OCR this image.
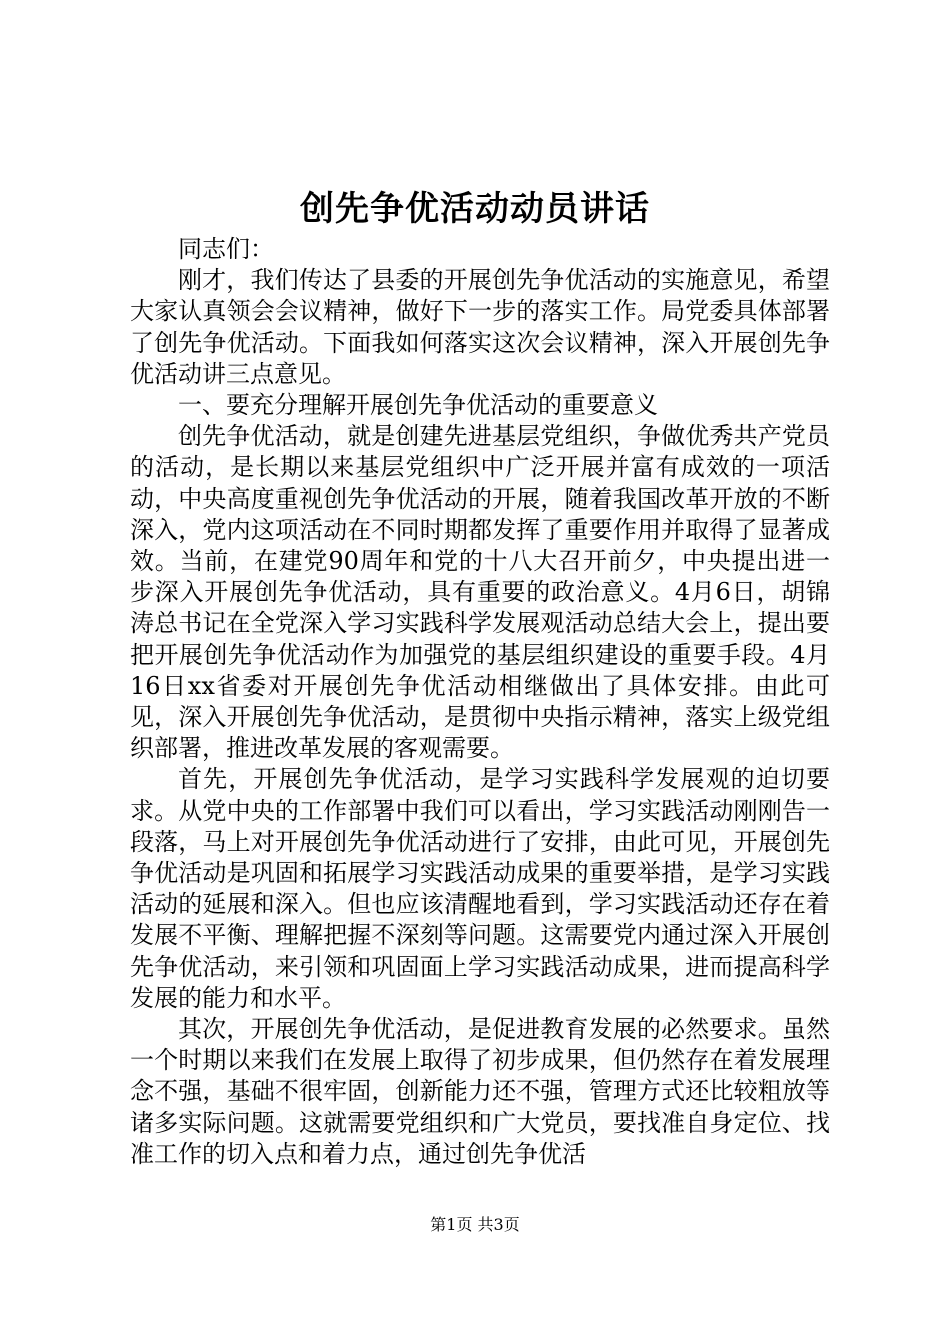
创先争优活动动员讲话

同志们：

刚才，我们传达了县委的开展创先争优活动的实施意见，希望大家认真领会会议精神，做好下一步的落实工作。局党委具体部署了创先争优活动。下面我如何落实这次会议精神，深入开展创先争优活动讲三点意见。

一、要充分理解开展创先争优活动的重要意义

创先争优活动，就是创建先进基层党组织，争做优秀共产党员的活动，是长期以来基层党组织中广泛开展并富有成效的一项活动，中央高度重视创先争优活动的开展，随着我国改革开放的不断深入，党内这项活动在不同时期都发挥了重要作用并取得了显著成效。当前，在建党90周年和党的十八大召开前夕，中央提出进一步深入开展创先争优活动，具有重要的政治意义。4月6日，胡锦涛总书记在全党深入学习实践科学发展观活动总结大会上，提出要把开展创先争优活动作为加强党的基层组织建设的重要手段。4月16日xx省委对开展创先争优活动相继做出了具体安排。由此可见，深入开展创先争优活动，是贯彻中央指示精神，落实上级党组织部署，推进改革发展的客观需要。

首先，开展创先争优活动，是学习实践科学发展观的迫切要求。从党中央的工作部署中我们可以看出，学习实践活动刚刚告一段落，马上对开展创先争优活动进行了安排，由此可见，开展创先争优活动是巩固和拓展学习实践活动成果的重要举措，是学习实践活动的延展和深入。但也应该清醒地看到，学习实践活动还存在着发展不平衡、理解把握不深刻等问题。这需要党内通过深入开展创先争优活动，来引领和巩固面上学习实践活动成果，进而提高科学发展的能力和水平。

其次，开展创先争优活动，是促进教育发展的必然要求。虽然一个时期以来我们在发展上取得了初步成果，但仍然存在着发展理念不强，基础不很牢固，创新能力还不强，管理方式还比较粗放等诸多实际问题。这就需要党组织和广大党员，要找准自身定位、找准工作的切入点和着力点，通过创先争优活

第1页 共3页
